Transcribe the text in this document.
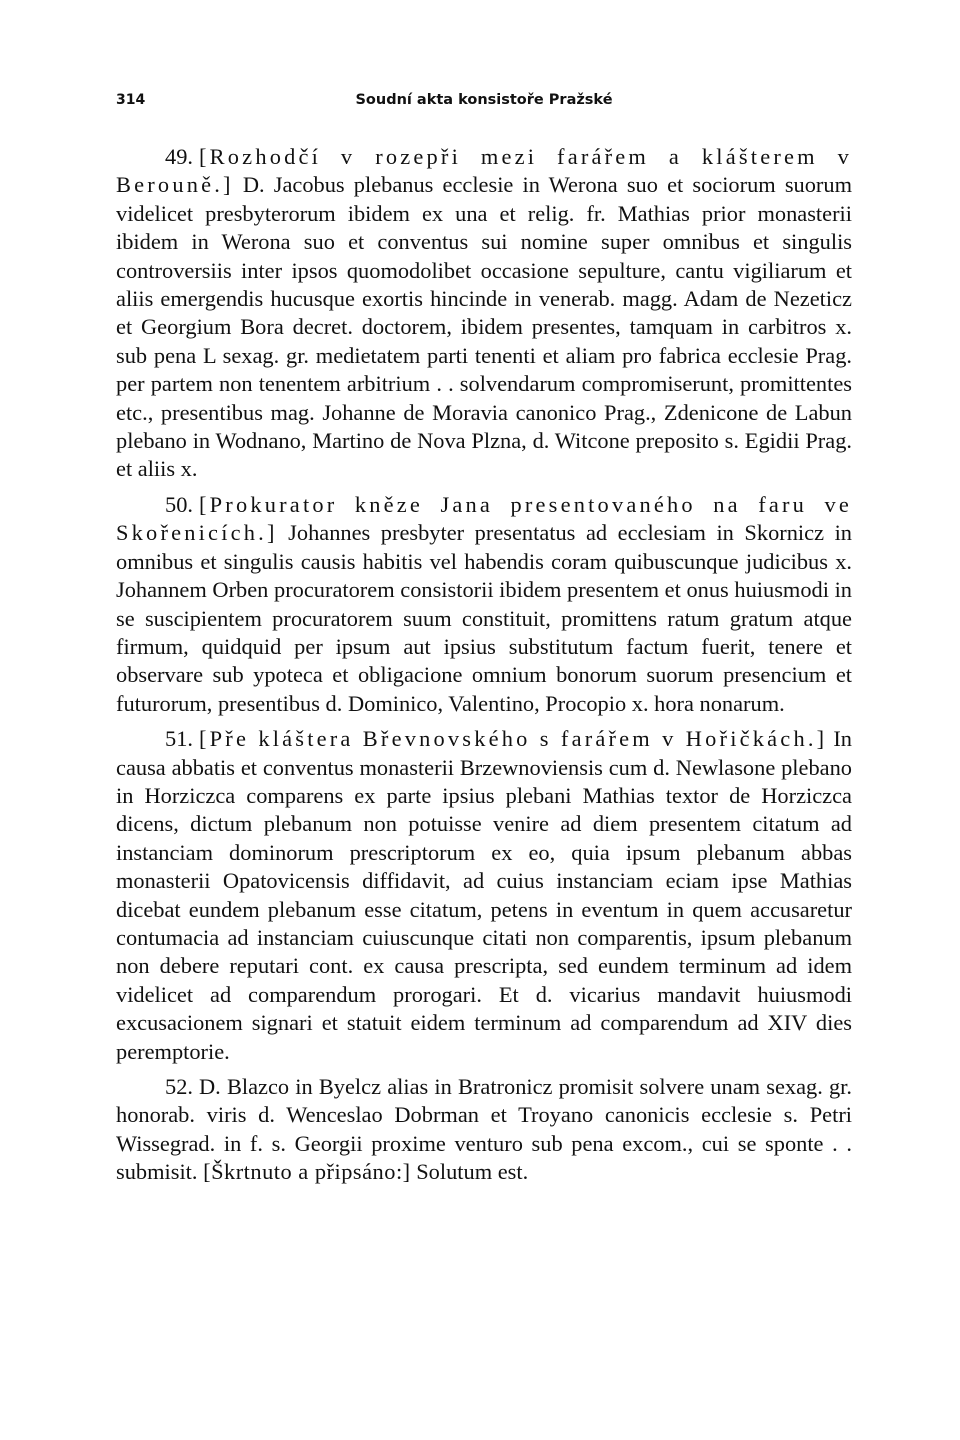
314	Soudní akta konsistoře Pražské

49. [Rozhodčí v rozepři mezi farářem a klášterem v Berouně.] D. Jacobus plebanus ecclesie in Werona suo et sociorum suorum videlicet presbyterorum ibidem ex una et relig. fr. Mathias prior monasterii ibidem in Werona suo et conventus sui nomine super omnibus et singulis controversiis inter ipsos quomodolibet occasione sepulture, cantu vigiliarum et aliis emergendis hucusque exortis hincinde in venerab. magg. Adam de Nezeticz et Georgium Bora decret. doctorem, ibidem presentes, tamquam in carbitros x. sub pena L sexag. gr. medietatem parti tenenti et aliam pro fabrica ecclesie Prag. per partem non tenentem arbitrium . . solvendarum compromiserunt, promittentes etc., presentibus mag. Johanne de Moravia canonico Prag., Zdenicone de Labun plebano in Wodnano, Martino de Nova Plzna, d. Witcone preposito s. Egidii Prag. et aliis x.

50. [Prokurator kněze Jana presentovaného na faru ve Skořenicích.] Johannes presbyter presentatus ad ecclesiam in Skornicz in omnibus et singulis causis habitis vel habendis coram quibuscunque judicibus x. Johannem Orben procuratorem consistorii ibidem presentem et onus huiusmodi in se suscipientem procuratorem suum constituit, promittens ratum gratum atque firmum, quidquid per ipsum aut ipsius substitutum factum fuerit, tenere et observare sub ypoteca et obligacione omnium bonorum suorum presencium et futurorum, presentibus d. Dominico, Valentino, Procopio x. hora nonarum.

51. [Pře kláštera Břevnovského s farářem v Hořičkách.] In causa abbatis et conventus monasterii Brzewnoviensis cum d. Newlasone plebano in Horziczca comparens ex parte ipsius plebani Mathias textor de Horziczca dicens, dictum plebanum non potuisse venire ad diem presentem citatum ad instanciam dominorum prescriptorum ex eo, quia ipsum plebanum abbas monasterii Opatovicensis diffidavit, ad cuius instanciam eciam ipse Mathias dicebat eundem plebanum esse citatum, petens in eventum in quem accusaretur contumacia ad instanciam cuiuscunque citati non comparentis, ipsum plebanum non debere reputari cont. ex causa prescripta, sed eundem terminum ad idem videlicet ad comparendum prorogari. Et d. vicarius mandavit huiusmodi excusacionem signari et statuit eidem terminum ad comparendum ad XIV dies peremptorie.

52. D. Blazco in Byelcz alias in Bratronicz promisit solvere unam sexag. gr. honorab. viris d. Wenceslao Dobrman et Troyano canonicis ecclesie s. Petri Wissegrad. in f. s. Georgii proxime venturo sub pena excom., cui se sponte . . submisit. [Škrtnuto a připsáno:] Solutum est.
